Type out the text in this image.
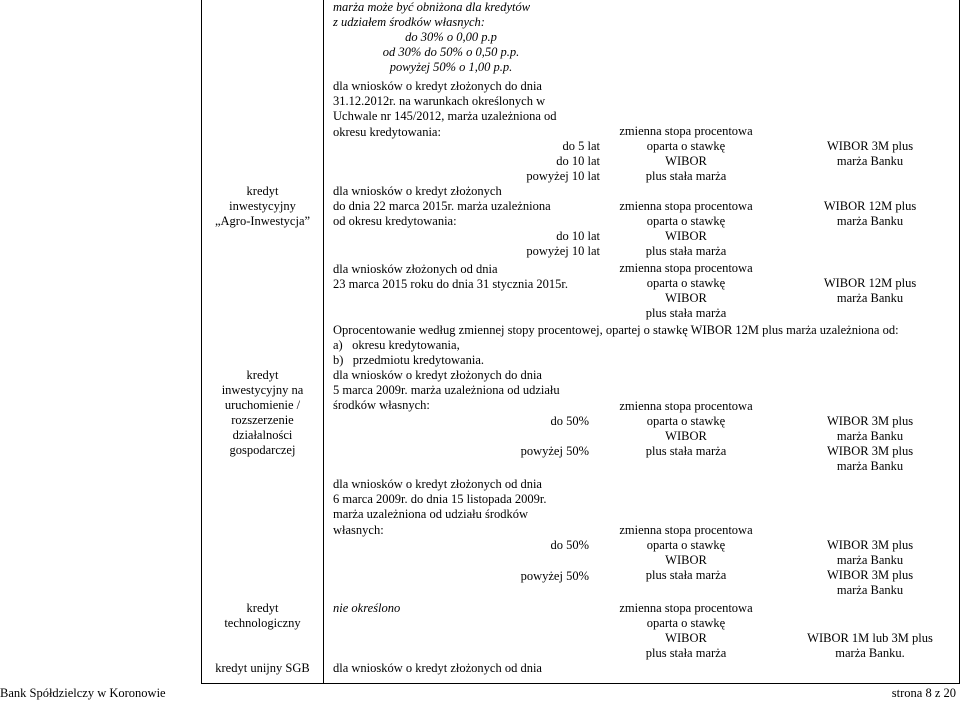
kredyt
inwestycyjny
„Agro-Inwestycja”
kredyt
inwestycyjny na
uruchomienie /
rozszerzenie
działalności
gospodarczej
kredyt
technologiczny
kredyt unijny SGB
marża może być obniżona dla kredytów
z udziałem środków własnych:
do 30% o 0,00 p.p
od 30% do 50% o 0,50 p.p.
powyżej 50% o 1,00 p.p.
dla wniosków o kredyt złożonych do dnia
31.12.2012r. na warunkach określonych w
Uchwale nr 145/2012, marża uzależniona od
okresu kredytowania:
do 5 lat
do 10 lat
powyżej 10 lat
dla wniosków o kredyt złożonych
do dnia 22 marca 2015r. marża uzależniona
od okresu kredytowania:
do 10 lat
powyżej 10 lat
dla wniosków złożonych od dnia
23 marca 2015 roku do dnia 31 stycznia 2015r.
Oprocentowanie według zmiennej stopy procentowej, opartej o stawkę WIBOR 12M plus marża uzależniona od:
a) okresu kredytowania,
b) przedmiotu kredytowania.
dla wniosków o kredyt złożonych do dnia
5 marca 2009r. marża uzależniona od udziału
środków własnych:
do 50%
powyżej 50%
dla wniosków o kredyt złożonych od dnia
6 marca 2009r. do dnia 15 listopada 2009r.
marża uzależniona od udziału środków
własnych:
do 50%
powyżej 50%
nie określono
dla wniosków o kredyt złożonych od dnia
zmienna stopa procentowa
oparta o stawkę
WIBOR
plus stała marża
zmienna stopa procentowa
oparta o stawkę
WIBOR
plus stała marża
zmienna stopa procentowa
oparta o stawkę
WIBOR
plus stała marża
zmienna stopa procentowa
oparta o stawkę
WIBOR
plus stała marża
zmienna stopa procentowa
oparta o stawkę
WIBOR
plus stała marża
zmienna stopa procentowa
oparta o stawkę
WIBOR
plus stała marża
WIBOR 3M plus
marża Banku
WIBOR 12M plus
marża Banku
WIBOR 12M plus
marża Banku
WIBOR 3M plus
marża Banku
WIBOR 3M plus
marża Banku
WIBOR 3M plus
marża Banku
WIBOR 3M plus
marża Banku
WIBOR 1M lub 3M plus
marża Banku.
Bank Spółdzielczy w Koronowie	strona 8 z 20
